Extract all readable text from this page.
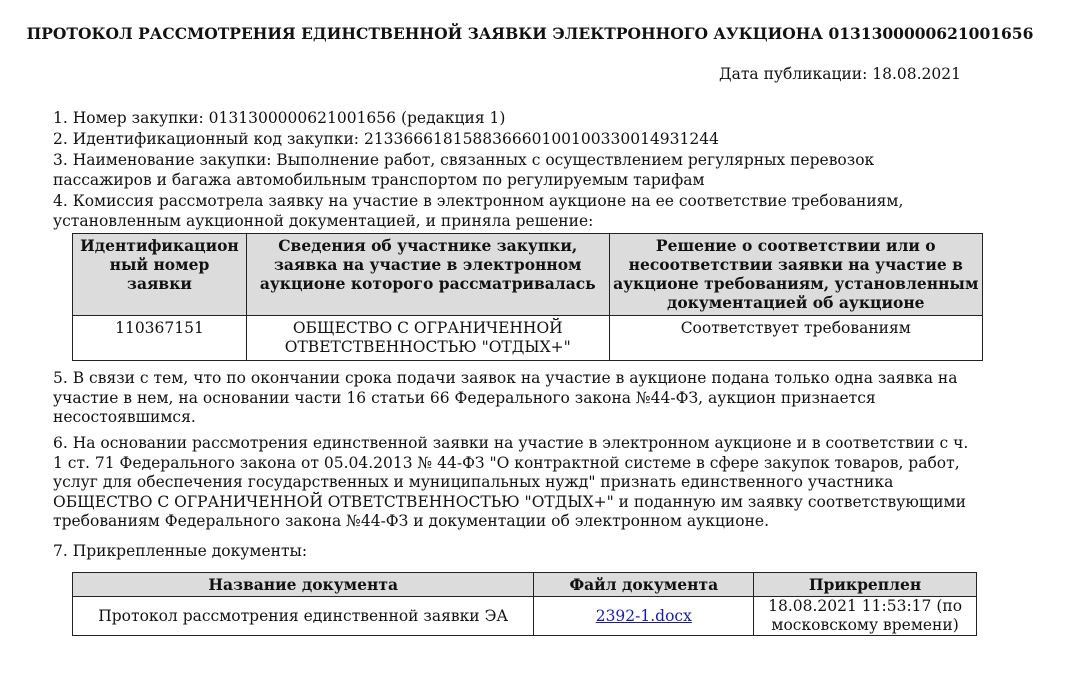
ПРОТОКОЛ РАССМОТРЕНИЯ ЕДИНСТВЕННОЙ ЗАЯВКИ ЭЛЕКТРОННОГО АУКЦИОНА 0131300000621001656
Дата публикации: 18.08.2021
1. Номер закупки: 0131300000621001656 (редакция 1)
2. Идентификационный код закупки: 213366618158836660100100330014931244
3. Наименование закупки: Выполнение работ, связанных с осуществлением регулярных перевозок
пассажиров и багажа автомобильным транспортом по регулируемым тарифам
4. Комиссия рассмотрела заявку на участие в электронном аукционе на ее соответствие требованиям,
установленным аукционной документацией, и приняла решение:
Идентификацион ный номер заявки	Сведения об участнике закупки, заявка на участие в электронном аукционе которого рассматривалась	Решение о соответствии или о несоответствии заявки на участие в аукционе требованиям, установленным документацией об аукционе
110367151	ОБЩЕСТВО С ОГРАНИЧЕННОЙ ОТВЕТСТВЕННОСТЬЮ "ОТДЫХ+"	Соответствует требованиям
5. В связи с тем, что по окончании срока подачи заявок на участие в аукционе подана только одна заявка на
участие в нем, на основании части 16 статьи 66 Федерального закона №44-ФЗ, аукцион признается
несостоявшимся.
6. На основании рассмотрения единственной заявки на участие в электронном аукционе и в соответствии с ч.
1 ст. 71 Федерального закона от 05.04.2013 № 44-ФЗ "О контрактной системе в сфере закупок товаров, работ,
услуг для обеспечения государственных и муниципальных нужд" признать единственного участника
ОБЩЕСТВО С ОГРАНИЧЕННОЙ ОТВЕТСТВЕННОСТЬЮ "ОТДЫХ+" и поданную им заявку соответствующими
требованиям Федерального закона №44-ФЗ и документации об электронном аукционе.
7. Прикрепленные документы:
Название документа	Файл документа	Прикреплен
Протокол рассмотрения единственной заявки ЭА	2392-1.docx	18.08.2021 11:53:17 (по московскому времени)
